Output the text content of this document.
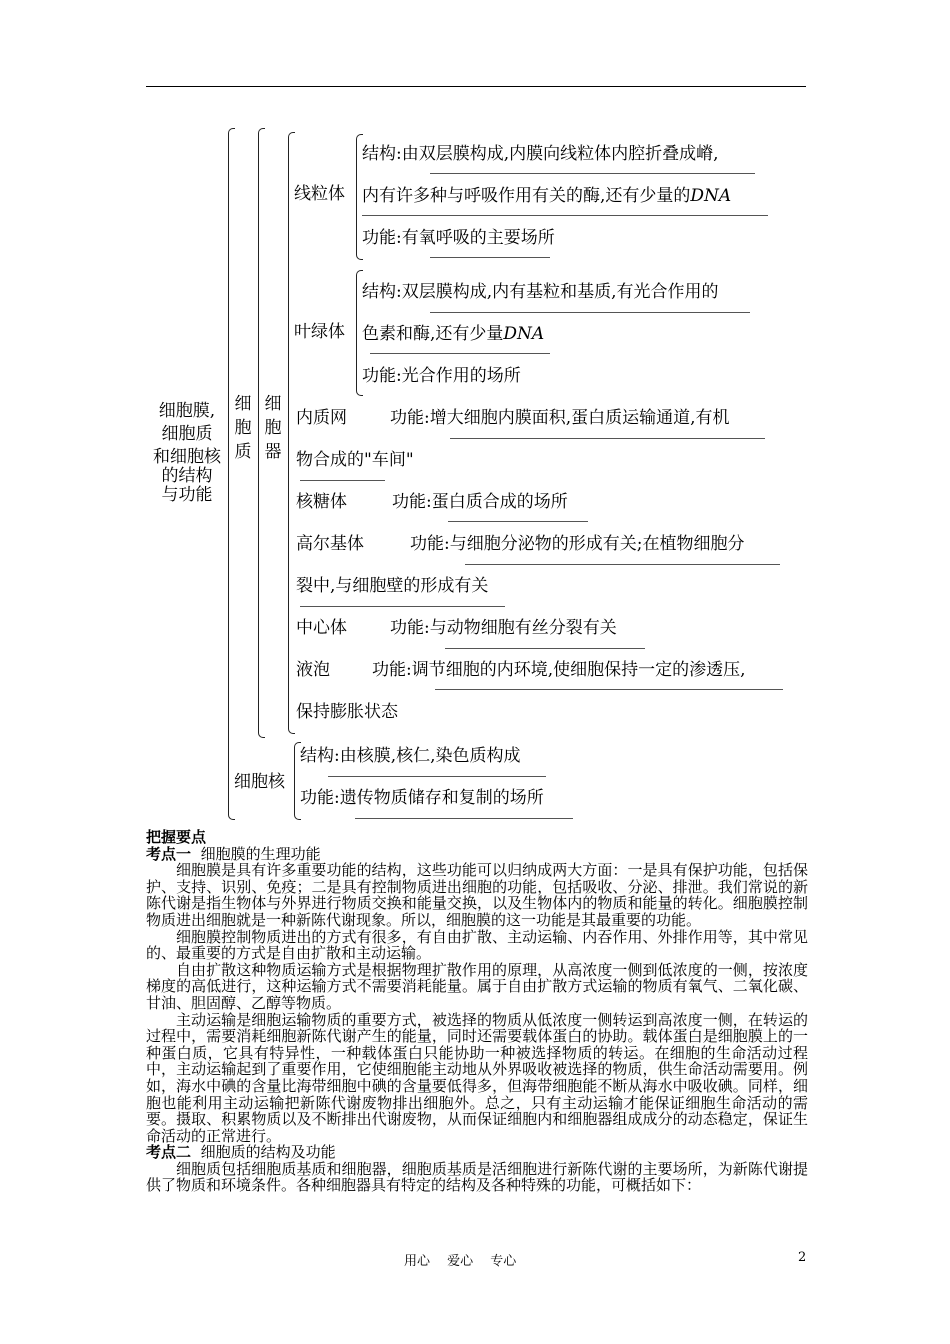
细胞膜,
细胞质
和细胞核
的结构
与功能
细胞质
细胞器
线粒体
结构:由双层膜构成,内膜向线粒体内腔折叠成嵴,
内有许多种与呼吸作用有关的酶,还有少量的DNA
功能:有氧呼吸的主要场所
叶绿体
结构:双层膜构成,内有基粒和基质,有光合作用的
色素和酶,还有少量DNA
功能:光合作用的场所
内质网	功能:增大细胞内膜面积,蛋白质运输通道,有机
物合成的"车间"
核糖体	功能:蛋白质合成的场所
高尔基体	功能:与细胞分泌物的形成有关;在植物细胞分
裂中,与细胞壁的形成有关
中心体	功能:与动物细胞有丝分裂有关
液泡 功能:调节细胞的内环境,使细胞保持一定的渗透压,
保持膨胀状态
细胞核
结构:由核膜,核仁,染色质构成
功能:遗传物质储存和复制的场所
把握要点
考点一 细胞膜的生理功能

细胞膜是具有许多重要功能的结构，这些功能可以归纳成两大方面：一是具有保护功能，包括保护、支持、识别、免疫；二是具有控制物质进出细胞的功能，包括吸收、分泌、排泄。我们常说的新陈代谢是指生物体与外界进行物质交换和能量交换，以及生物体内的物质和能量的转化。细胞膜控制物质进出细胞就是一种新陈代谢现象。所以，细胞膜的这一功能是其最重要的功能。

细胞膜控制物质进出的方式有很多，有自由扩散、主动运输、内吞作用、外排作用等，其中常见的、最重要的方式是自由扩散和主动运输。

自由扩散这种物质运输方式是根据物理扩散作用的原理，从高浓度一侧到低浓度的一侧，按浓度梯度的高低进行，这种运输方式不需要消耗能量。属于自由扩散方式运输的物质有氧气、二氧化碳、甘油、胆固醇、乙醇等物质。

主动运输是细胞运输物质的重要方式，被选择的物质从低浓度一侧转运到高浓度一侧，在转运的过程中，需要消耗细胞新陈代谢产生的能量，同时还需要载体蛋白的协助。载体蛋白是细胞膜上的一种蛋白质，它具有特异性，一种载体蛋白只能协助一种被选择物质的转运。在细胞的生命活动过程中，主动运输起到了重要作用，它使细胞能主动地从外界吸收被选择的物质，供生命活动需要用。例如，海水中碘的含量比海带细胞中碘的含量要低得多，但海带细胞能不断从海水中吸收碘。同样，细胞也能利用主动运输把新陈代谢废物排出细胞外。总之，只有主动运输才能保证细胞生命活动的需要。摄取、积累物质以及不断排出代谢废物，从而保证细胞内和细胞器组成成分的动态稳定，保证生命活动的正常进行。

考点二 细胞质的结构及功能

细胞质包括细胞质基质和细胞器，细胞质基质是活细胞进行新陈代谢的主要场所，为新陈代谢提供了物质和环境条件。各种细胞器具有特定的结构及各种特殊的功能，可概括如下：

用心　 爱心　 专心	2
